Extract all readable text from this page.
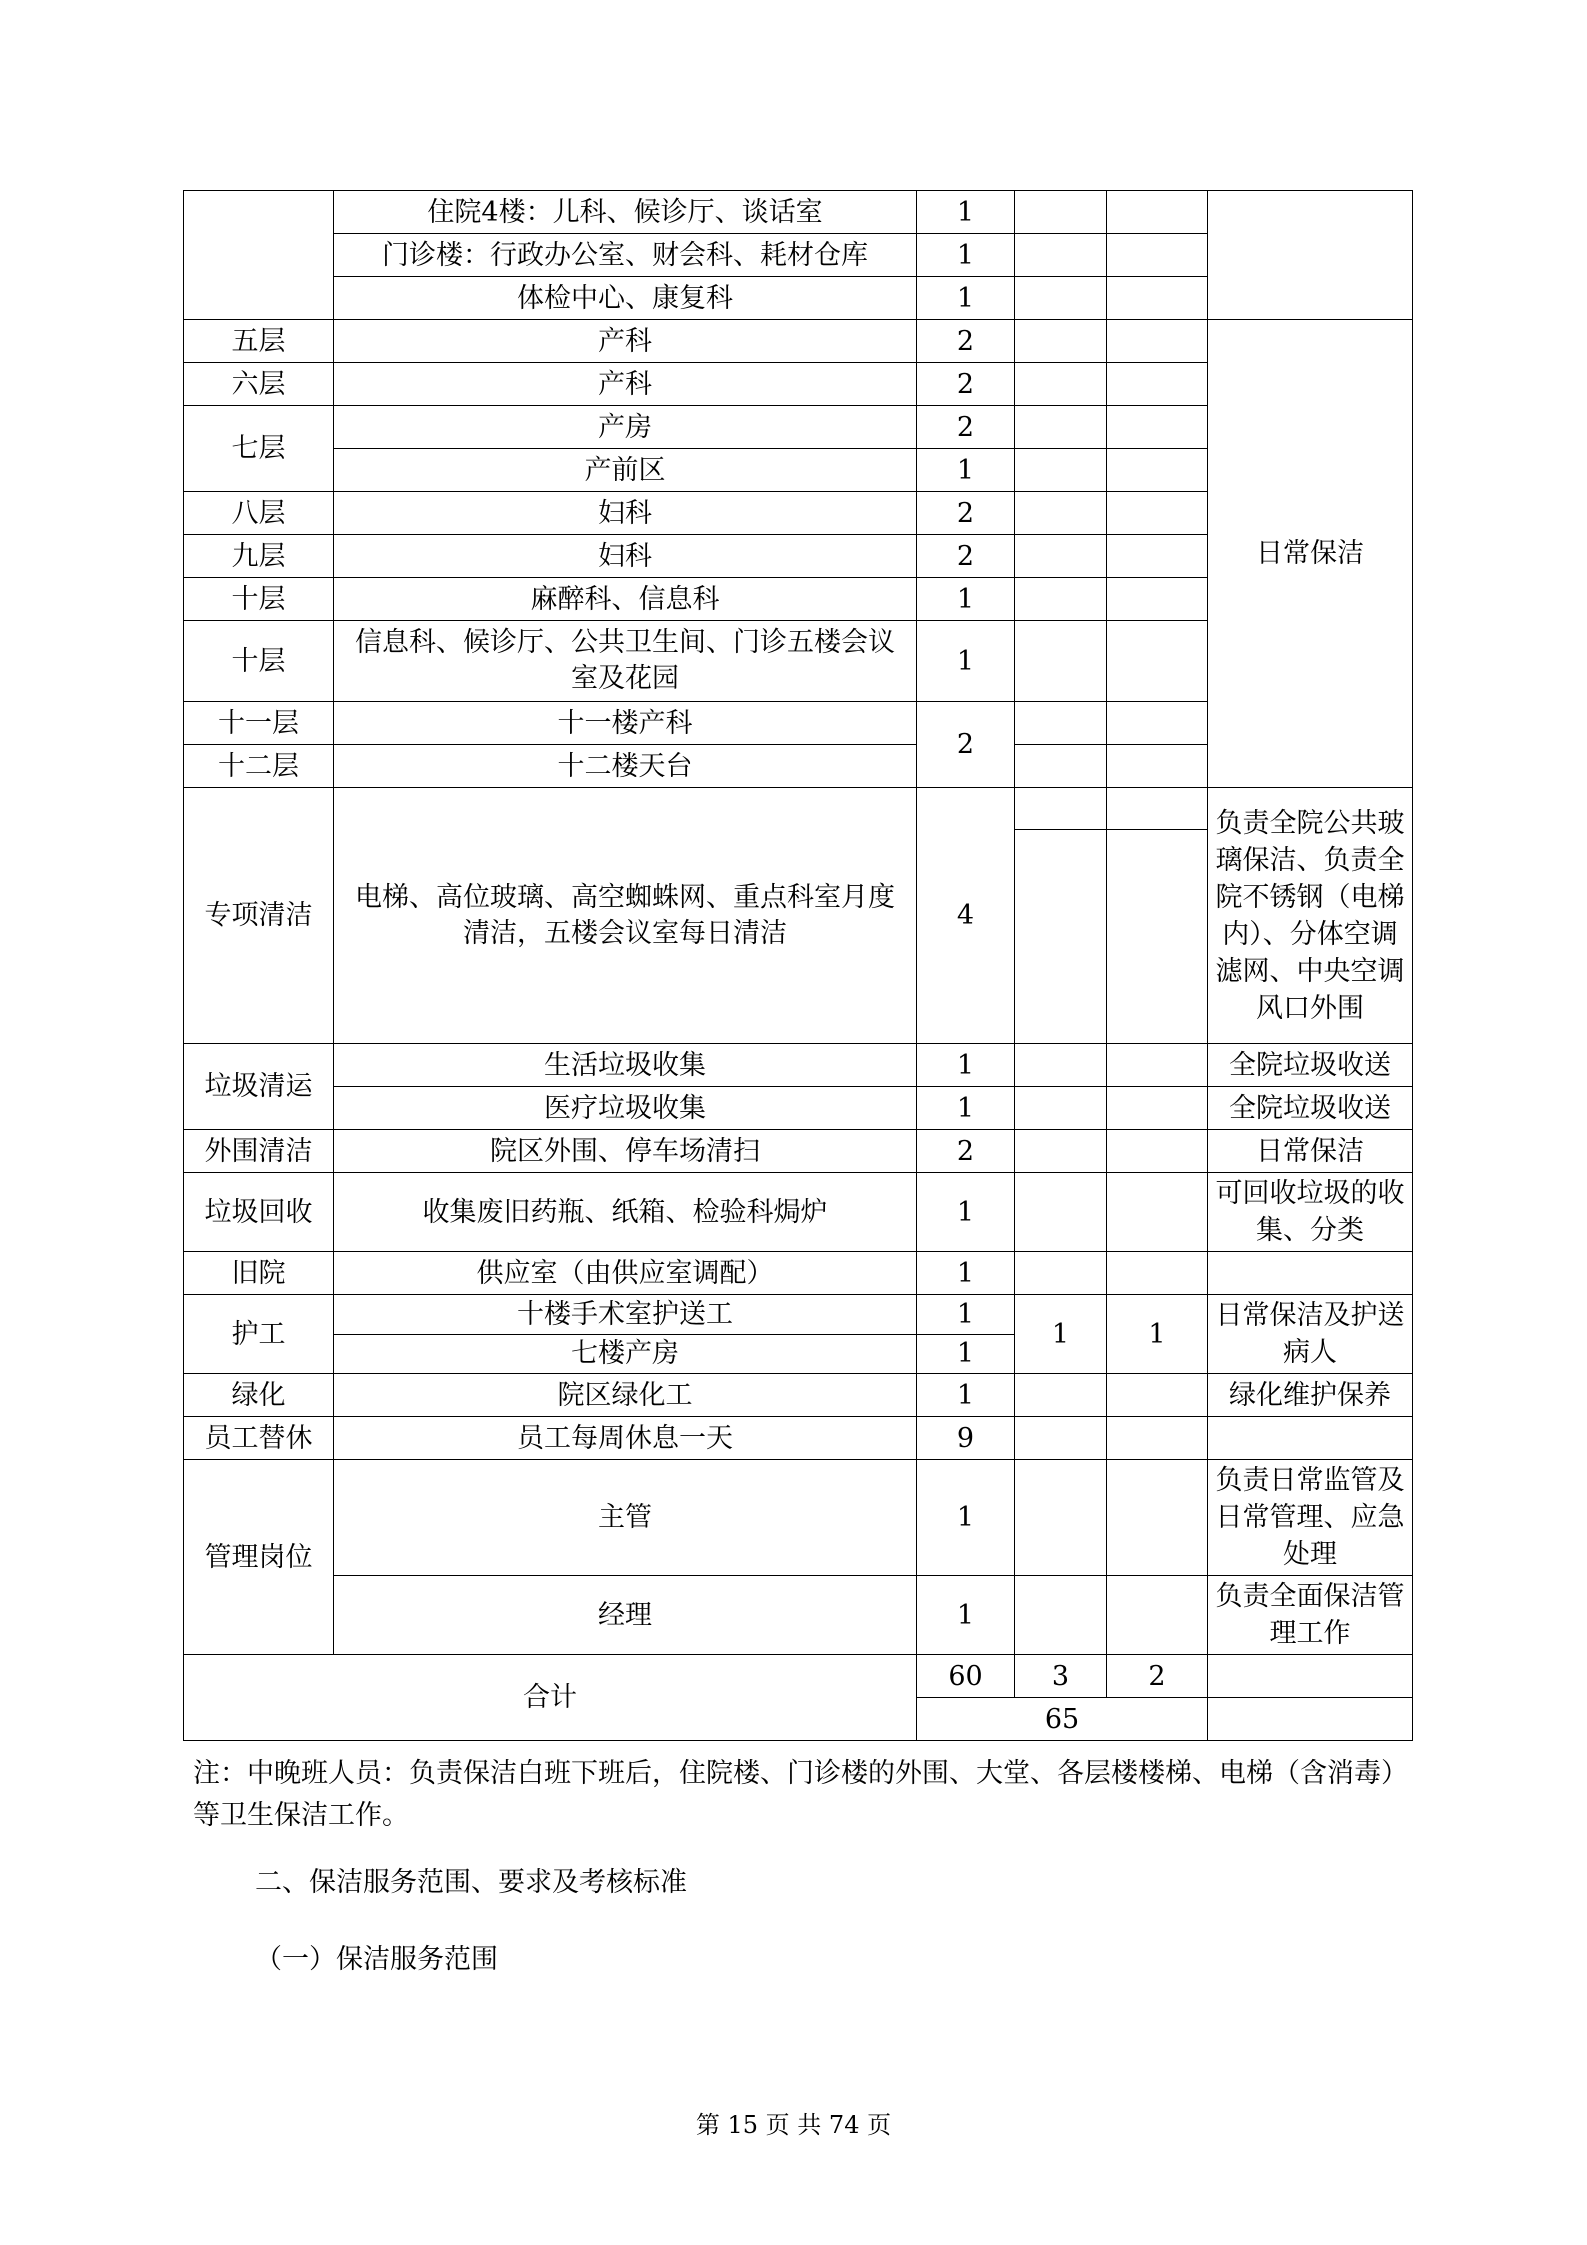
	住院4楼：儿科、候诊厅、谈话室	1			
	门诊楼：行政办公室、财会科、耗材仓库	1			
	体检中心、康复科	1			
五层	产科	2			日常保洁
六层	产科	2			
七层	产房	2			
	产前区	1			
八层	妇科	2			
九层	妇科	2			
十层	麻醉科、信息科	1			
十层	信息科、候诊厅、公共卫生间、门诊五楼会议室及花园	1			
十一层	十一楼产科	2			
十二层	十二楼天台				
专项清洁	电梯、高位玻璃、高空蜘蛛网、重点科室月度清洁，五楼会议室每日清洁	4			负责全院公共玻璃保洁、负责全院不锈钢（电梯内）、分体空调滤网、中央空调风口外围

垃圾清运	生活垃圾收集	1			全院垃圾收送
	医疗垃圾收集	1			全院垃圾收送
外围清洁	院区外围、停车场清扫	2			日常保洁
垃圾回收	收集废旧药瓶、纸箱、检验科焗炉	1			可回收垃圾的收集、分类
旧院	供应室（由供应室调配）	1			
护工	十楼手术室护送工	1	1	1	日常保洁及护送病人
	七楼产房	1			
绿化	院区绿化工	1			绿化维护保养
员工替休	员工每周休息一天	9			
管理岗位	主管	1			负责日常监管及日常管理、应急处理
	经理	1			负责全面保洁管理工作
合计		60	3	2	
		65			
注：中晚班人员：负责保洁白班下班后，住院楼、门诊楼的外围、大堂、各层楼楼梯、电梯（含消毒）等卫生保洁工作。
二、保洁服务范围、要求及考核标准
（一）保洁服务范围
第 15 页 共 74 页
